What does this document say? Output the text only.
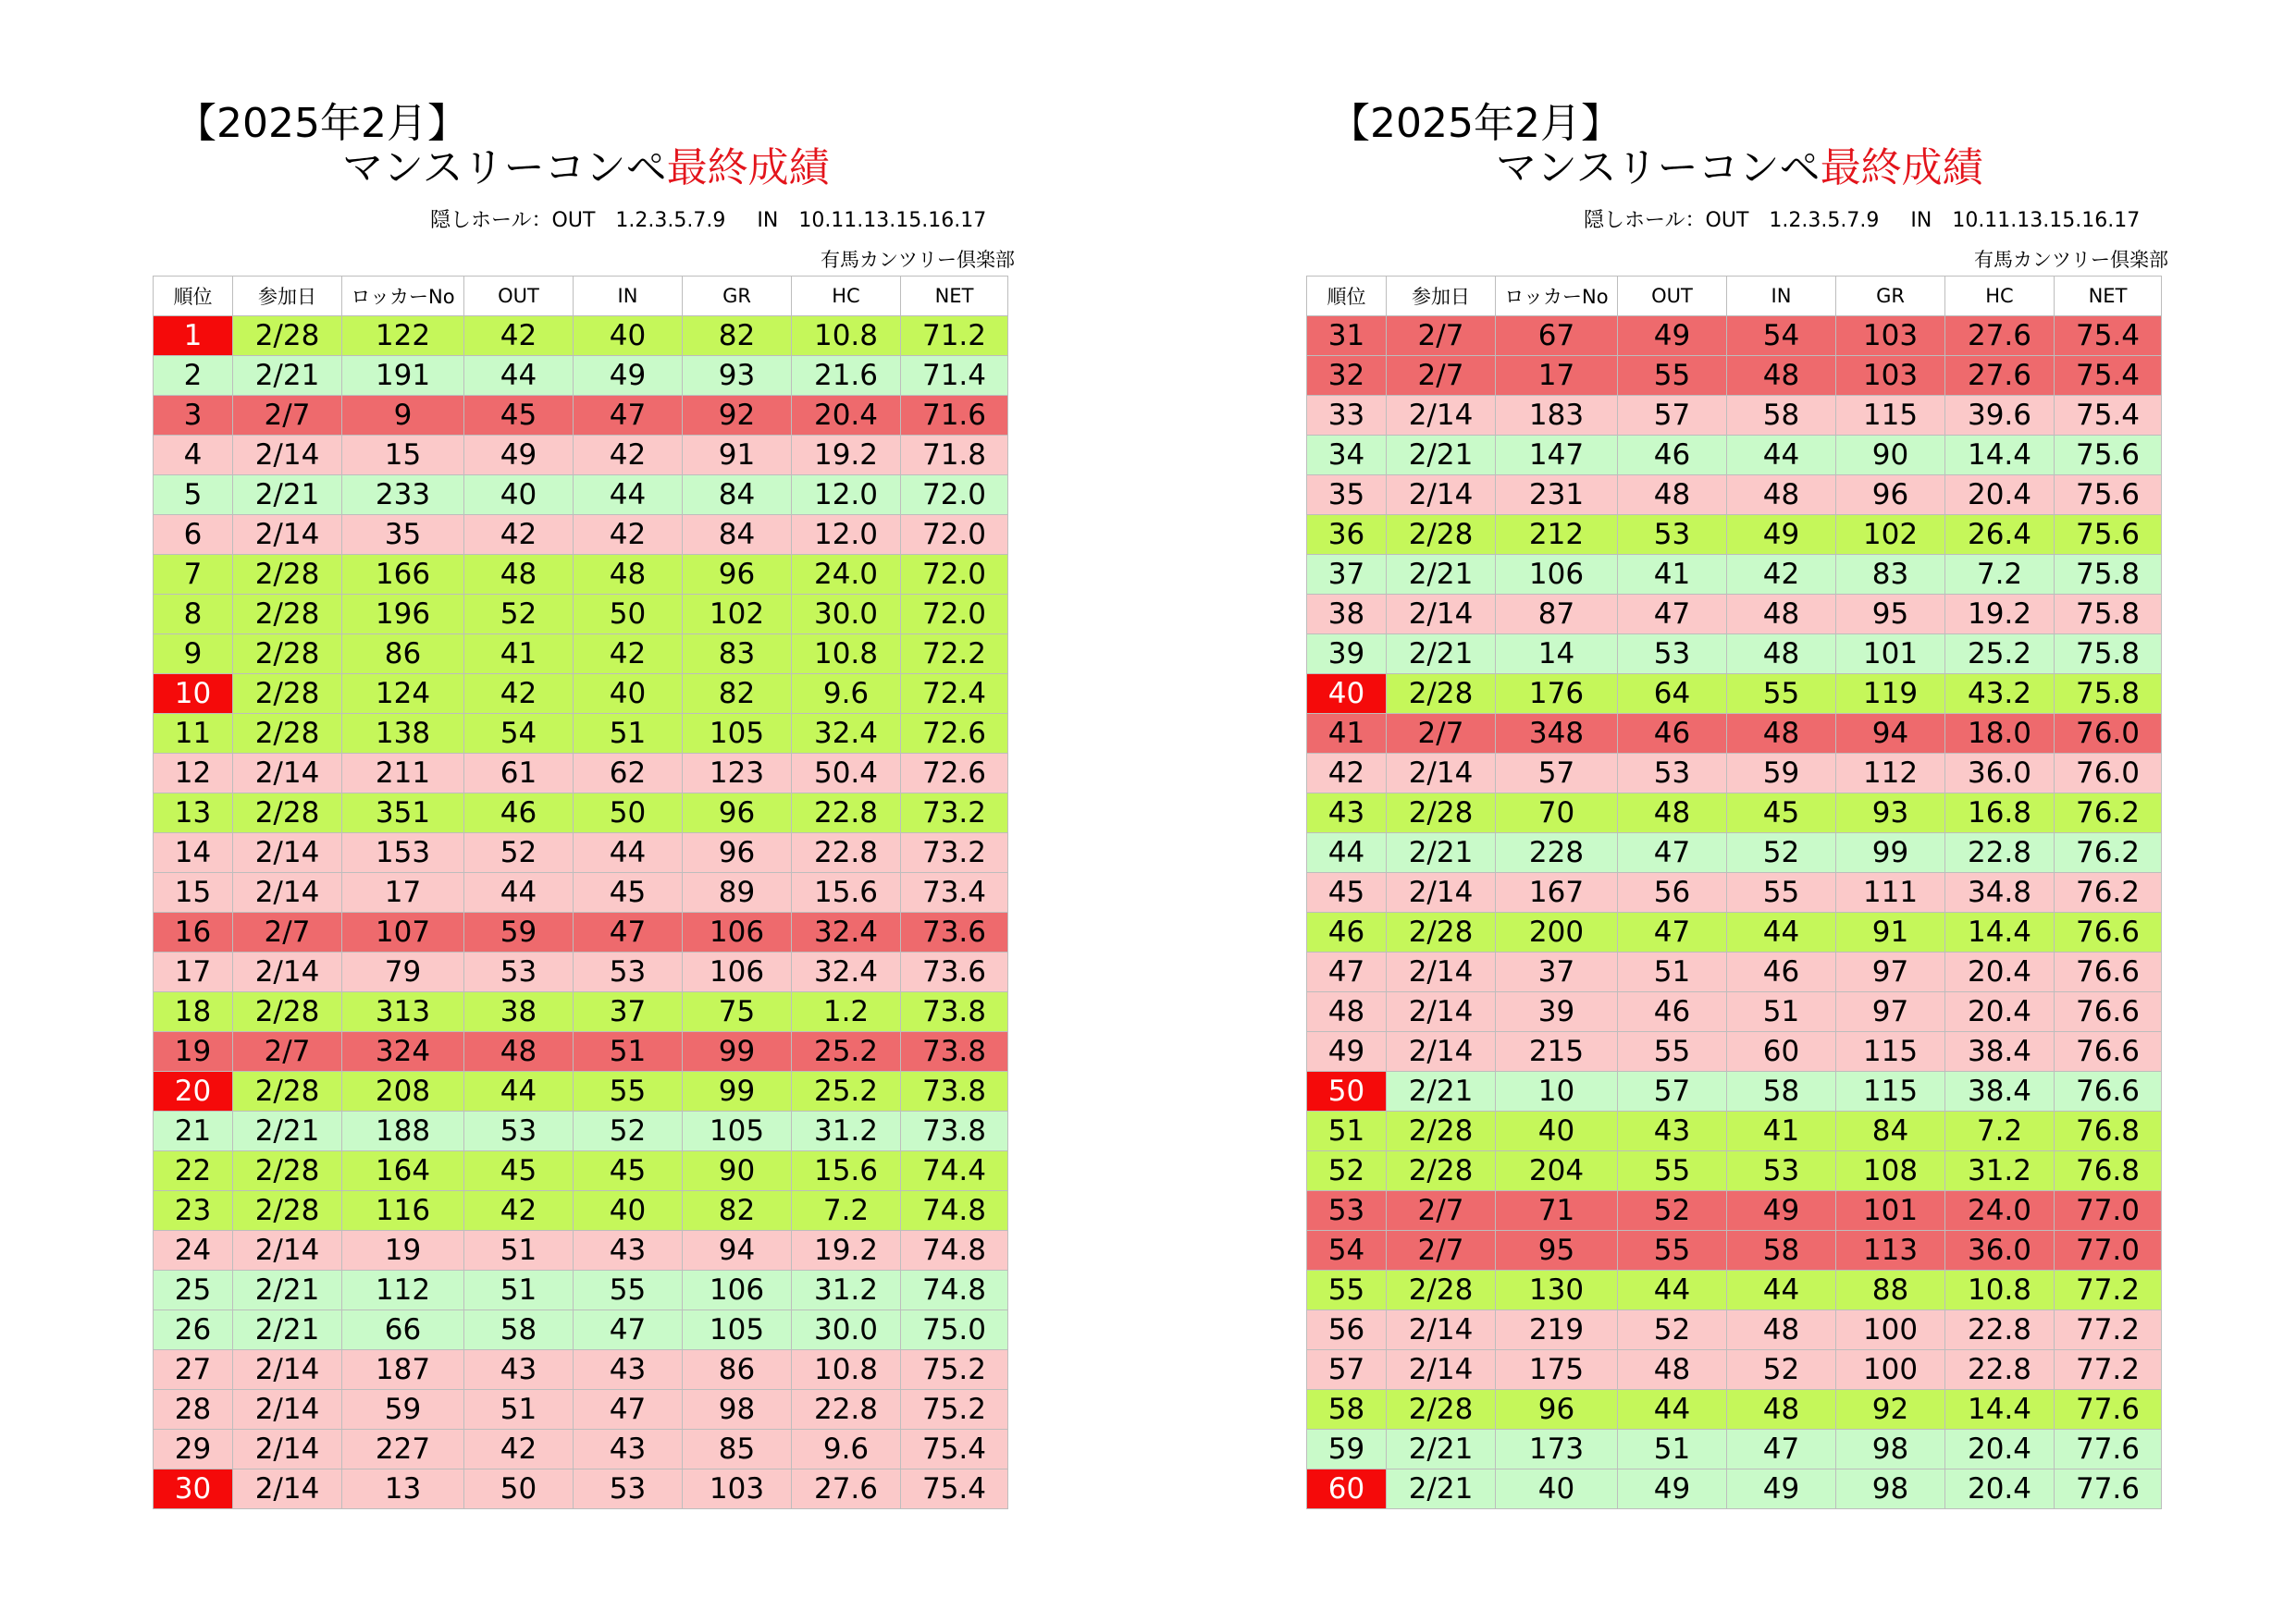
【2025年2月】
マンスリーコンペ最終成績
隠しホール：OUT　1.2.3.5.7.9 IN　10.11.13.15.16.17
有馬カンツリー倶楽部
順位	参加日	ロッカーNo	OUT	IN	GR	HC	NET
1	2/28	122	42	40	82	10.8	71.2
2	2/21	191	44	49	93	21.6	71.4
3	2/7	9	45	47	92	20.4	71.6
4	2/14	15	49	42	91	19.2	71.8
5	2/21	233	40	44	84	12.0	72.0
6	2/14	35	42	42	84	12.0	72.0
7	2/28	166	48	48	96	24.0	72.0
8	2/28	196	52	50	102	30.0	72.0
9	2/28	86	41	42	83	10.8	72.2
10	2/28	124	42	40	82	9.6	72.4
11	2/28	138	54	51	105	32.4	72.6
12	2/14	211	61	62	123	50.4	72.6
13	2/28	351	46	50	96	22.8	73.2
14	2/14	153	52	44	96	22.8	73.2
15	2/14	17	44	45	89	15.6	73.4
16	2/7	107	59	47	106	32.4	73.6
17	2/14	79	53	53	106	32.4	73.6
18	2/28	313	38	37	75	1.2	73.8
19	2/7	324	48	51	99	25.2	73.8
20	2/28	208	44	55	99	25.2	73.8
21	2/21	188	53	52	105	31.2	73.8
22	2/28	164	45	45	90	15.6	74.4
23	2/28	116	42	40	82	7.2	74.8
24	2/14	19	51	43	94	19.2	74.8
25	2/21	112	51	55	106	31.2	74.8
26	2/21	66	58	47	105	30.0	75.0
27	2/14	187	43	43	86	10.8	75.2
28	2/14	59	51	47	98	22.8	75.2
29	2/14	227	42	43	85	9.6	75.4
30	2/14	13	50	53	103	27.6	75.4
【2025年2月】
マンスリーコンペ最終成績
隠しホール：OUT　1.2.3.5.7.9 IN　10.11.13.15.16.17
有馬カンツリー倶楽部
順位	参加日	ロッカーNo	OUT	IN	GR	HC	NET
31	2/7	67	49	54	103	27.6	75.4
32	2/7	17	55	48	103	27.6	75.4
33	2/14	183	57	58	115	39.6	75.4
34	2/21	147	46	44	90	14.4	75.6
35	2/14	231	48	48	96	20.4	75.6
36	2/28	212	53	49	102	26.4	75.6
37	2/21	106	41	42	83	7.2	75.8
38	2/14	87	47	48	95	19.2	75.8
39	2/21	14	53	48	101	25.2	75.8
40	2/28	176	64	55	119	43.2	75.8
41	2/7	348	46	48	94	18.0	76.0
42	2/14	57	53	59	112	36.0	76.0
43	2/28	70	48	45	93	16.8	76.2
44	2/21	228	47	52	99	22.8	76.2
45	2/14	167	56	55	111	34.8	76.2
46	2/28	200	47	44	91	14.4	76.6
47	2/14	37	51	46	97	20.4	76.6
48	2/14	39	46	51	97	20.4	76.6
49	2/14	215	55	60	115	38.4	76.6
50	2/21	10	57	58	115	38.4	76.6
51	2/28	40	43	41	84	7.2	76.8
52	2/28	204	55	53	108	31.2	76.8
53	2/7	71	52	49	101	24.0	77.0
54	2/7	95	55	58	113	36.0	77.0
55	2/28	130	44	44	88	10.8	77.2
56	2/14	219	52	48	100	22.8	77.2
57	2/14	175	48	52	100	22.8	77.2
58	2/28	96	44	48	92	14.4	77.6
59	2/21	173	51	47	98	20.4	77.6
60	2/21	40	49	49	98	20.4	77.6
